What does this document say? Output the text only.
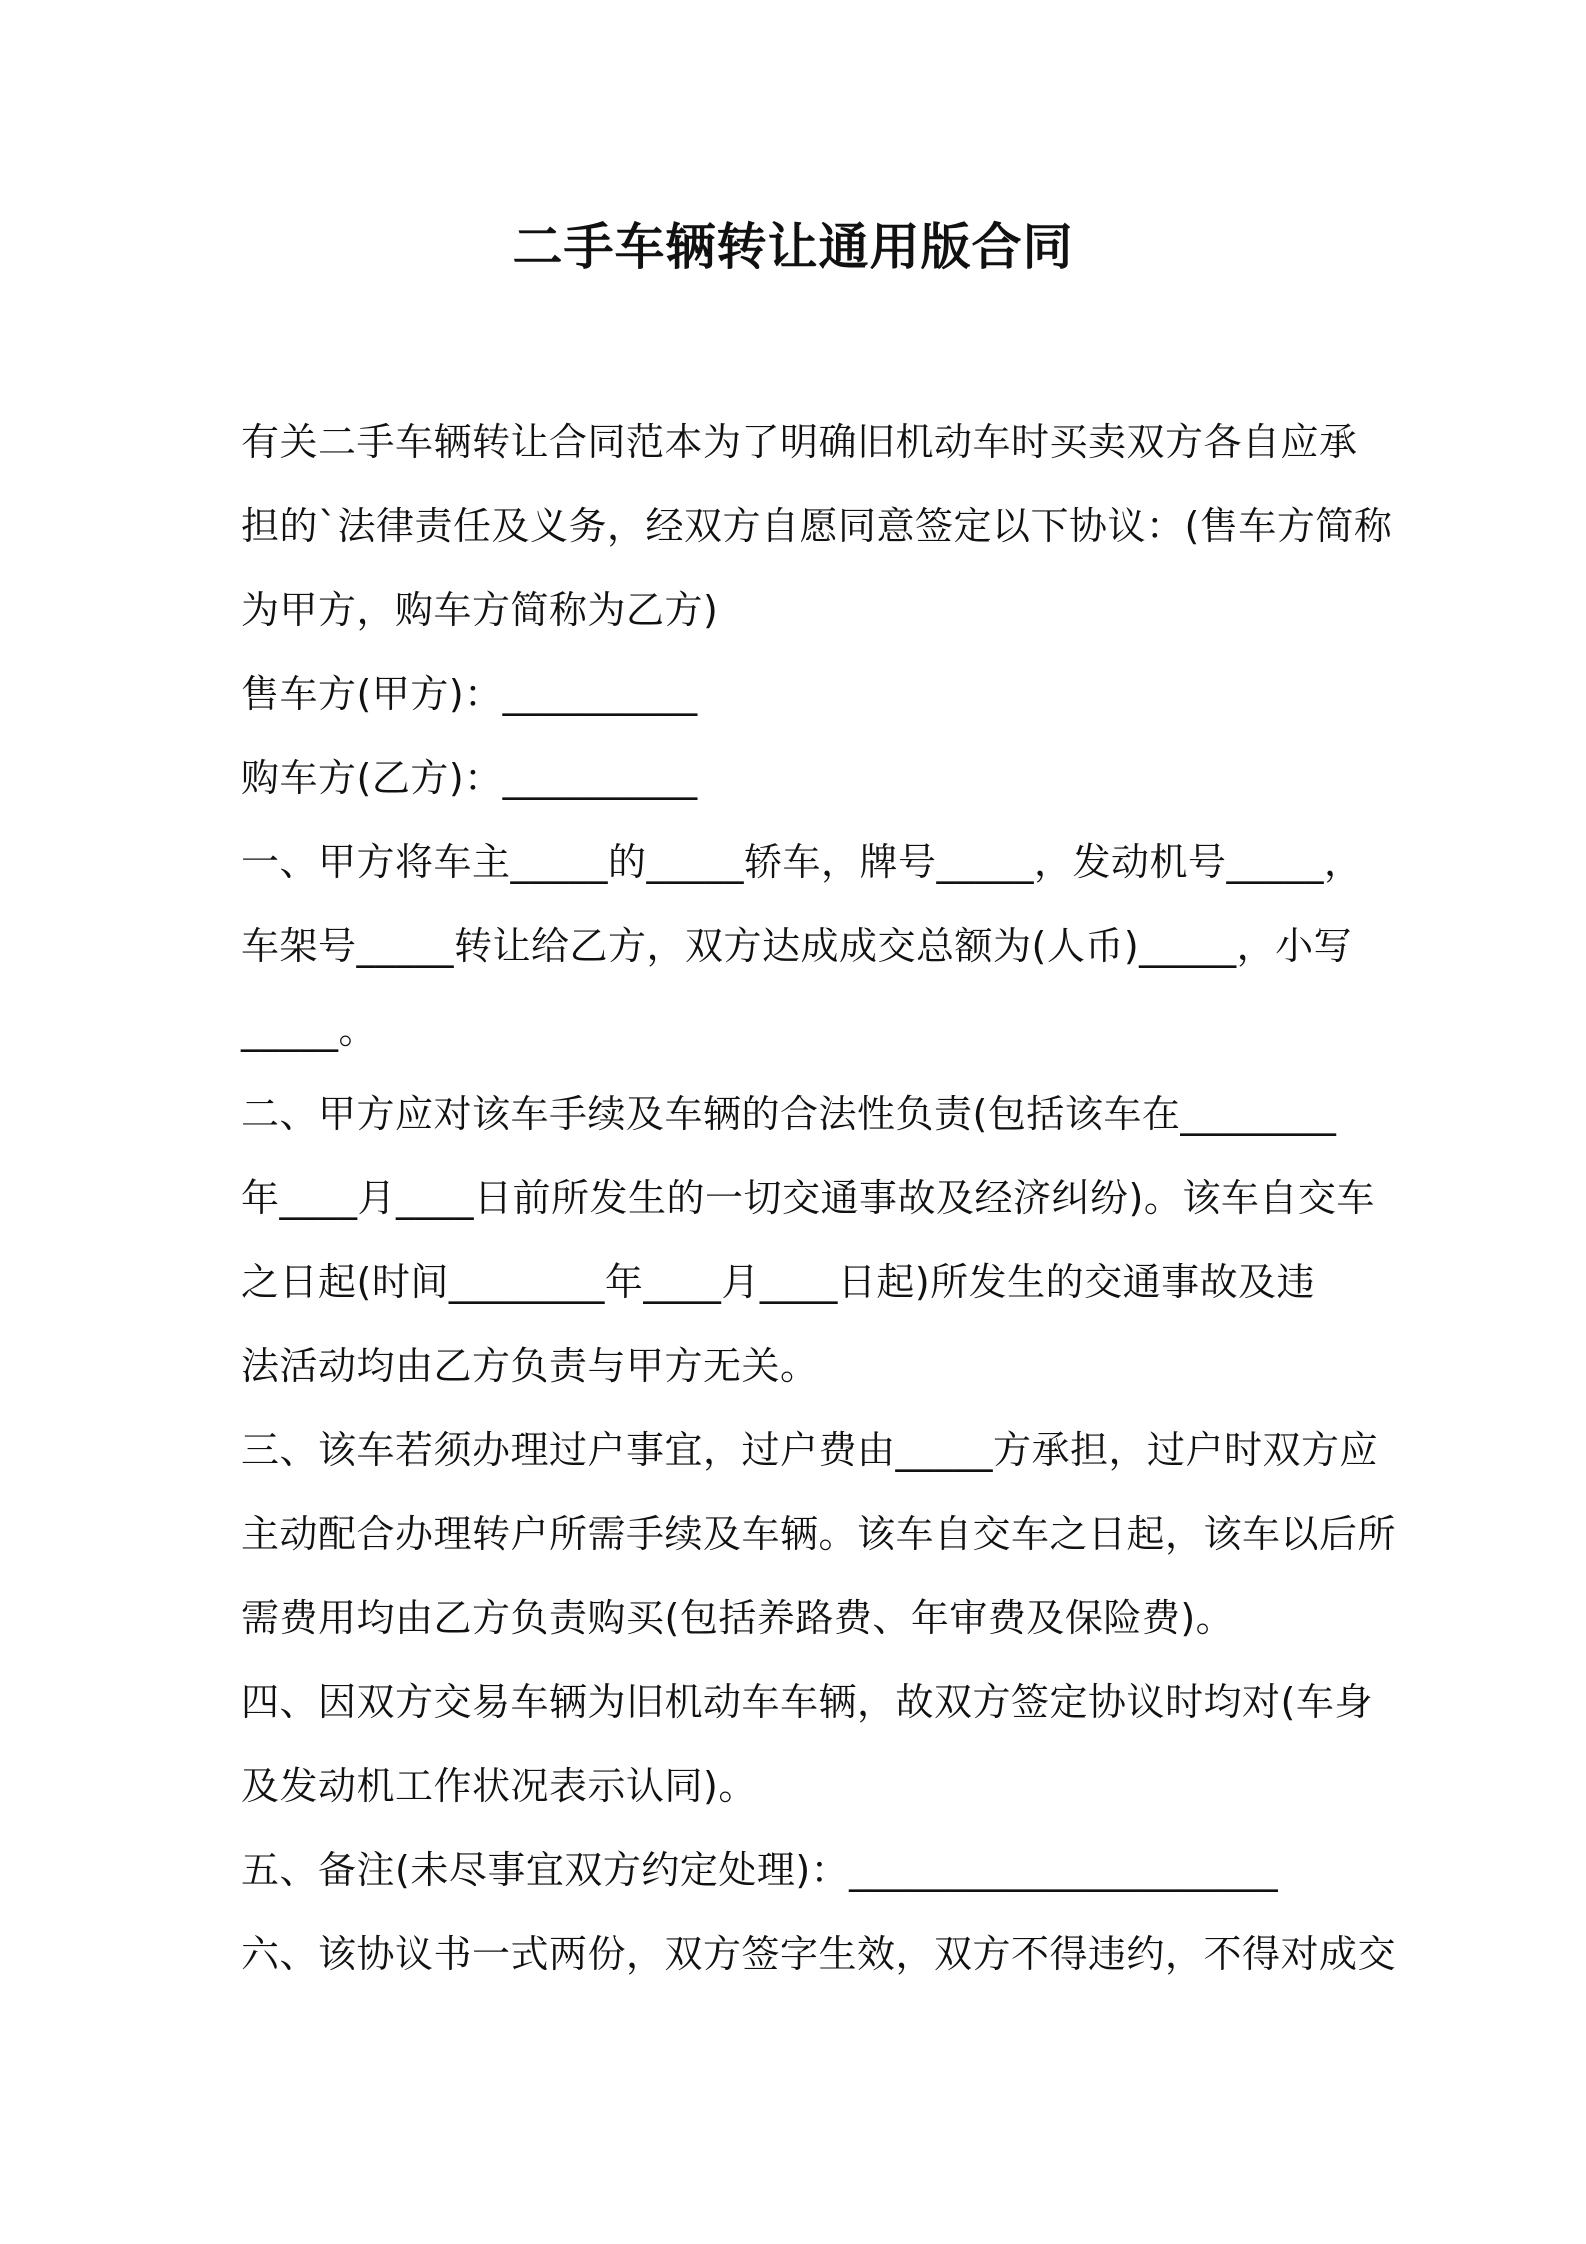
二手车辆转让通用版合同
有关二手车辆转让合同范本为了明确旧机动车时买卖双方各自应承
担的`法律责任及义务，经双方自愿同意签定以下协议：(售车方简称
为甲方，购车方简称为乙方)
售车方(甲方)：__________
购车方(乙方)：__________
一、甲方将车主_____的_____轿车，牌号_____，发动机号_____，
车架号_____转让给乙方，双方达成成交总额为(人币)_____，小写
_____。
二、甲方应对该车手续及车辆的合法性负责(包括该车在________
年____月____日前所发生的一切交通事故及经济纠纷)。该车自交车
之日起(时间________年____月____日起)所发生的交通事故及违
法活动均由乙方负责与甲方无关。
三、该车若须办理过户事宜，过户费由_____方承担，过户时双方应
主动配合办理转户所需手续及车辆。该车自交车之日起，该车以后所
需费用均由乙方负责购买(包括养路费、年审费及保险费)。
四、因双方交易车辆为旧机动车车辆，故双方签定协议时均对(车身
及发动机工作状况表示认同)。
五、备注(未尽事宜双方约定处理)：______________________
六、该协议书一式两份，双方签字生效，双方不得违约，不得对成交
